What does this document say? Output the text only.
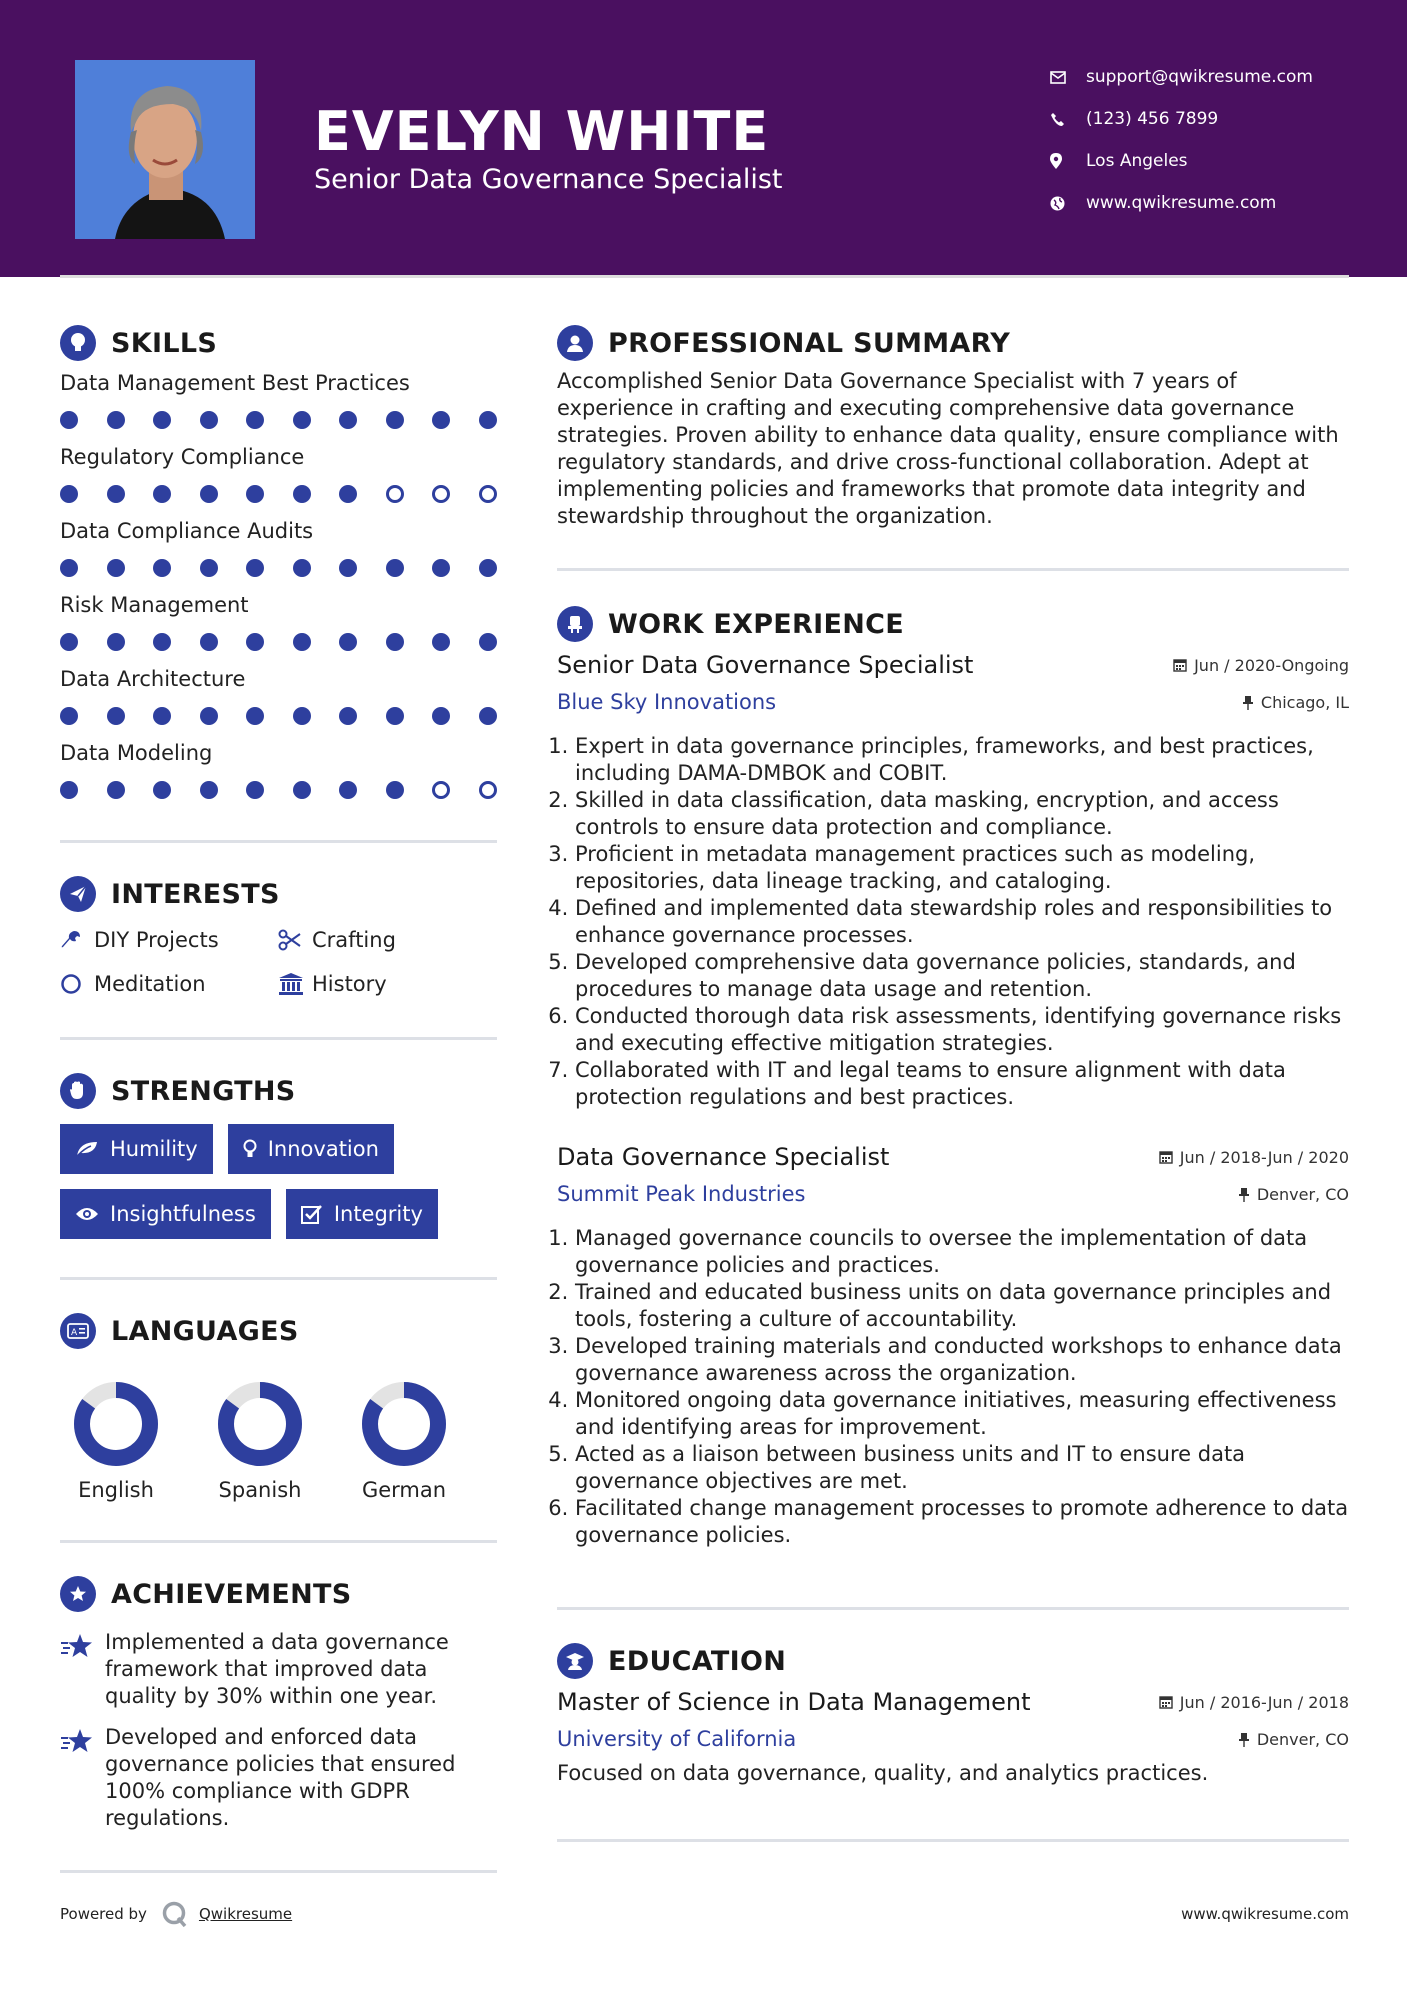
EVELYN WHITE
Senior Data Governance Specialist
support@qwikresume.com
(123) 456 7899
Los Angeles
www.qwikresume.com
SKILLS
Data Management Best Practices
Regulatory Compliance
Data Compliance Audits
Risk Management
Data Architecture
Data Modeling
INTERESTS
DIY Projects	Crafting
Meditation	History
STRENGTHS
Humility	Innovation
Insightfulness	Integrity
A LANGUAGES
English	Spanish	German
ACHIEVEMENTS
Implemented a data governance framework that improved data quality by 30% within one year.
Developed and enforced data governance policies that ensured 100% compliance with GDPR regulations.
PROFESSIONAL SUMMARY

Accomplished Senior Data Governance Specialist with 7 years of experience in crafting and executing comprehensive data governance strategies. Proven ability to enhance data quality, ensure compliance with regulatory standards, and drive cross-functional collaboration. Adept at implementing policies and frameworks that promote data integrity and stewardship throughout the organization.

WORK EXPERIENCE
Senior Data Governance Specialist	Jun / 2020-Ongoing
Blue Sky Innovations	Chicago, IL
1. Expert in data governance principles, frameworks, and best practices, including DAMA-DMBOK and COBIT.
2. Skilled in data classification, data masking, encryption, and access controls to ensure data protection and compliance.
3. Proficient in metadata management practices such as modeling, repositories, data lineage tracking, and cataloging.
4. Defined and implemented data stewardship roles and responsibilities to enhance governance processes.
5. Developed comprehensive data governance policies, standards, and procedures to manage data usage and retention.
6. Conducted thorough data risk assessments, identifying governance risks and executing effective mitigation strategies.
7. Collaborated with IT and legal teams to ensure alignment with data protection regulations and best practices.
Data Governance Specialist	Jun / 2018-Jun / 2020
Summit Peak Industries	Denver, CO
1. Managed governance councils to oversee the implementation of data governance policies and practices.
2. Trained and educated business units on data governance principles and tools, fostering a culture of accountability.
3. Developed training materials and conducted workshops to enhance data governance awareness across the organization.
4. Monitored ongoing data governance initiatives, measuring effectiveness and identifying areas for improvement.
5. Acted as a liaison between business units and IT to ensure data governance objectives are met.
6. Facilitated change management processes to promote adherence to data governance policies.
EDUCATION
Master of Science in Data Management	Jun / 2016-Jun / 2018
University of California	Denver, CO

Focused on data governance, quality, and analytics practices.

Powered by	Qwikresume	www.qwikresume.com
